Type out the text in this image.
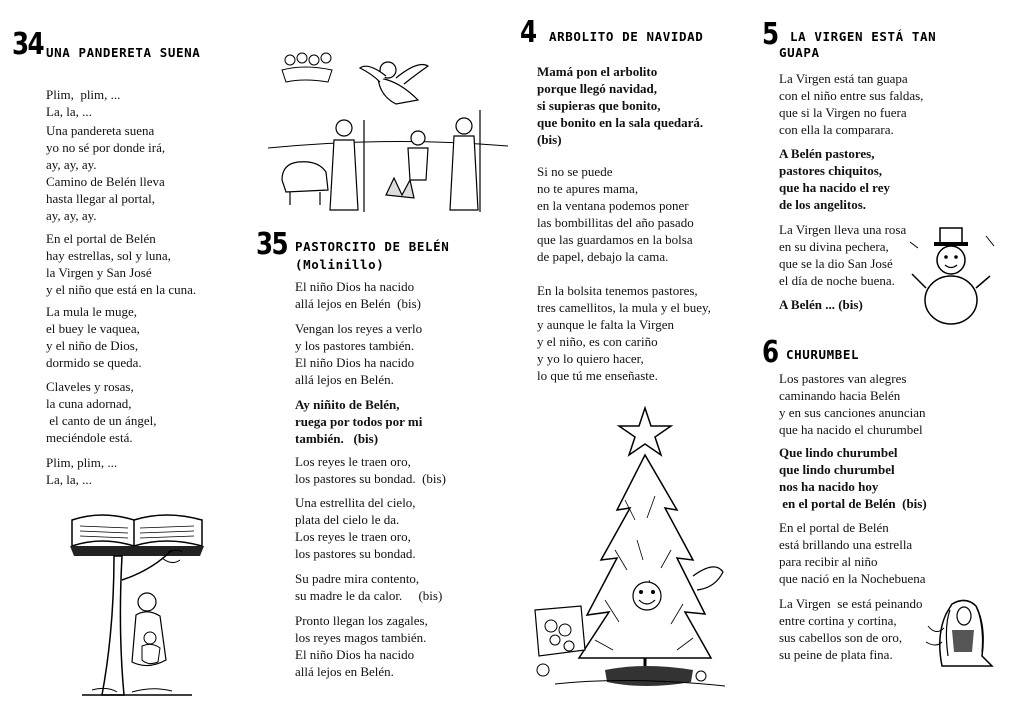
34 UNA PANDERETA SUENA
Plim,  plim, ...
La, la, ...
Una pandereta suena
yo no sé por donde irá,
ay, ay, ay.
Camino de Belén lleva
hasta llegar al portal,
ay, ay, ay.
En el portal de Belén
hay estrellas, sol y luna,
la Virgen y San José
y el niño que está en la cuna.
La mula le muge,
el buey le vaquea,
y el niño de Dios,
dormido se queda.
Claveles y rosas,
la cuna adornad,
el canto de un ángel,
meciéndole está.
Plim, plim, ...
La, la, ...
35 PASTORCITO DE BELÉN
(Molinillo)
El niño Dios ha nacido
allá lejos en Belén  (bis)
Vengan los reyes a verlo
y los pastores también.
El niño Dios ha nacido
allá lejos en Belén.
Ay niñito de Belén,
ruega por todos por mi
también.   (bis)
Los reyes le traen oro,
los pastores su bondad.  (bis)
Una estrellita del cielo,
plata del cielo le da.
Los reyes le traen oro,
los pastores su bondad.
Su padre mira contento,
su madre le da calor.     (bis)
Pronto llegan los zagales,
los reyes magos también.
El niño Dios ha nacido
allá lejos en Belén.
4 ARBOLITO DE NAVIDAD
Mamá pon el arbolito
porque llegó navidad,
si supieras que bonito,
que bonito en la sala quedará.
(bis)
Si no se puede
no te apures mama,
en la ventana podemos poner
las bombillitas del año pasado
que las guardamos en la bolsa
de papel, debajo la cama.
En la bolsita tenemos pastores,
tres camellitos, la mula y el buey,
y aunque le falta la Virgen
y el niño, es con cariño
y yo lo quiero hacer,
lo que tú me enseñaste.
5 LA VIRGEN ESTÁ TAN
GUAPA
La Virgen está tan guapa
con el niño entre sus faldas,
que si la Virgen no fuera
con ella la comparara.
A Belén pastores,
pastores chiquitos,
que ha nacido el rey
de los angelitos.
La Virgen lleva una rosa
en su divina pechera,
que se la dio San José
el día de noche buena.
A Belén ... (bis)
6 CHURUMBEL
Los pastores van alegres
caminando hacia Belén
y en sus canciones anuncian
que ha nacido el churumbel
Que lindo churumbel
que lindo churumbel
nos ha nacido hoy
en el portal de Belén  (bis)
En el portal de Belén
está brillando una estrella
para recibir al niño
que nació en la Nochebuena
La Virgen  se está peinando
entre cortina y cortina,
sus cabellos son de oro,
su peine de plata fina.
